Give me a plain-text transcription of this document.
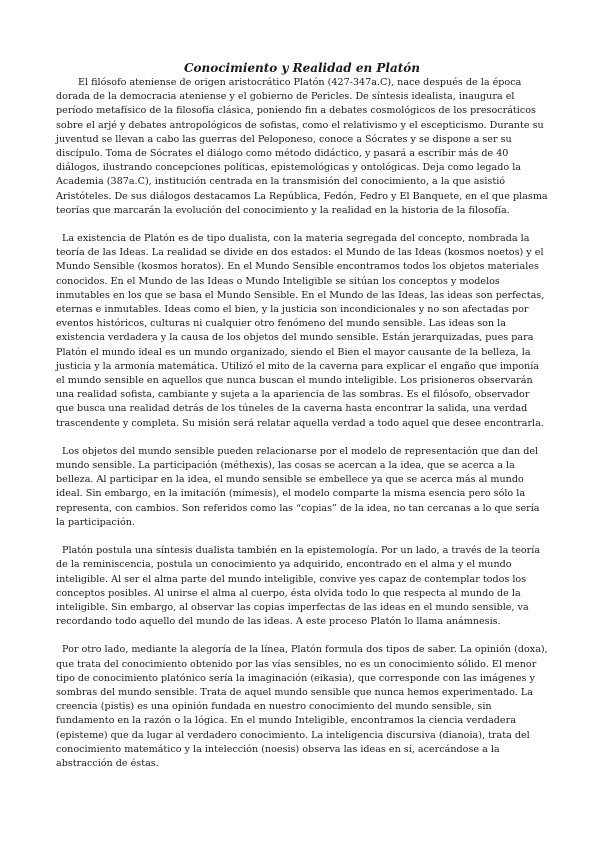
Conocimiento y Realidad en Platón

El filósofo ateniense de origen aristocrático Platón (427-347a.C), nace después de la época dorada de la democracia ateniense y el gobierno de Pericles. De síntesis idealista, inaugura el período metafísico de la filosofía clásica, poniendo fin a debates cosmológicos de los presocráticos sobre el arjé y debates antropológicos de sofistas, como el relativismo y el escepticismo. Durante su juventud se llevan a cabo las guerras del Peloponeso, conoce a Sócrates y se dispone a ser su discípulo. Toma de Sócrates el diálogo como método didáctico, y pasará a escribir más de 40 diálogos, ilustrando concepciones políticas, epistemológicas y ontológicas. Deja como legado la Academia (387a.C), institución centrada en la transmisión del conocimiento, a la que asistió Aristóteles. De sus diálogos destacamos La República, Fedón, Fedro y El Banquete, en el que plasma teorías que marcarán la evolución del conocimiento y la realidad en la historia de la filosofía.

La existencia de Platón es de tipo dualista, con la materia segregada del concepto, nombrada la teoría de las Ideas. La realidad se divide en dos estados: el Mundo de las Ideas (kosmos noetos) y el Mundo Sensible (kosmos horatos). En el Mundo Sensible encontramos todos los objetos materiales conocidos. En el Mundo de las Ideas o Mundo Inteligible se sitúan los conceptos y modelos inmutables en los que se basa el Mundo Sensible. En el Mundo de las Ideas, las ideas son perfectas, eternas e inmutables. Ideas como el bien, y la justicia son incondicionales y no son afectadas por eventos históricos, culturas ni cualquier otro fenómeno del mundo sensible. Las ideas son la existencia verdadera y la causa de los objetos del mundo sensible. Están jerarquizadas, pues para Platón el mundo ideal es un mundo organizado, siendo el Bien el mayor causante de la belleza, la justicia y la armonía matemática. Utilizó el mito de la caverna para explicar el engaño que imponía el mundo sensible en aquellos que nunca buscan el mundo inteligible. Los prisioneros observarán una realidad sofista, cambiante y sujeta a la apariencia de las sombras. Es el filósofo, observador que busca una realidad detrás de los túneles de la caverna hasta encontrar la salida, una verdad trascendente y completa. Su misión será relatar aquella verdad a todo aquel que desee encontrarla.

Los objetos del mundo sensible pueden relacionarse por el modelo de representación que dan del mundo sensible. La participación (méthexis), las cosas se acercan a la idea, que se acerca a la belleza. Al participar en la idea, el mundo sensible se embellece ya que se acerca más al mundo ideal. Sin embargo, en la imitación (mímesis), el modelo comparte la misma esencia pero sólo la representa, con cambios. Son referidos como las “copias” de la idea, no tan cercanas a lo que sería la participación.

Platón postula una síntesis dualista también en la epistemología. Por un lado, a través de la teoría de la reminiscencia, postula un conocimiento ya adquirido, encontrado en el alma y el mundo inteligible. Al ser el alma parte del mundo inteligible, convive yes capaz de contemplar todos los conceptos posibles. Al unirse el alma al cuerpo, ésta olvida todo lo que respecta al mundo de la inteligible. Sin embargo, al observar las copias imperfectas de las ideas en el mundo sensible, va recordando todo aquello del mundo de las ideas. A este proceso Platón lo llama anámnesis.

Por otro lado, mediante la alegoría de la línea, Platón formula dos tipos de saber. La opinión (doxa), que trata del conocimiento obtenido por las vías sensibles, no es un conocimiento sólido. El menor tipo de conocimiento platónico sería la imaginación (eikasia), que corresponde con las imágenes y sombras del mundo sensible. Trata de aquel mundo sensible que nunca hemos experimentado. La creencia (pistis) es una opinión fundada en nuestro conocimiento del mundo sensible, sin fundamento en la razón o la lógica. En el mundo Inteligible, encontramos la ciencia verdadera (episteme) que da lugar al verdadero conocimiento. La inteligencia discursiva (dianoia), trata del conocimiento matemático y la intelección (noesis) observa las ideas en sí, acercándose a la abstracción de éstas.
